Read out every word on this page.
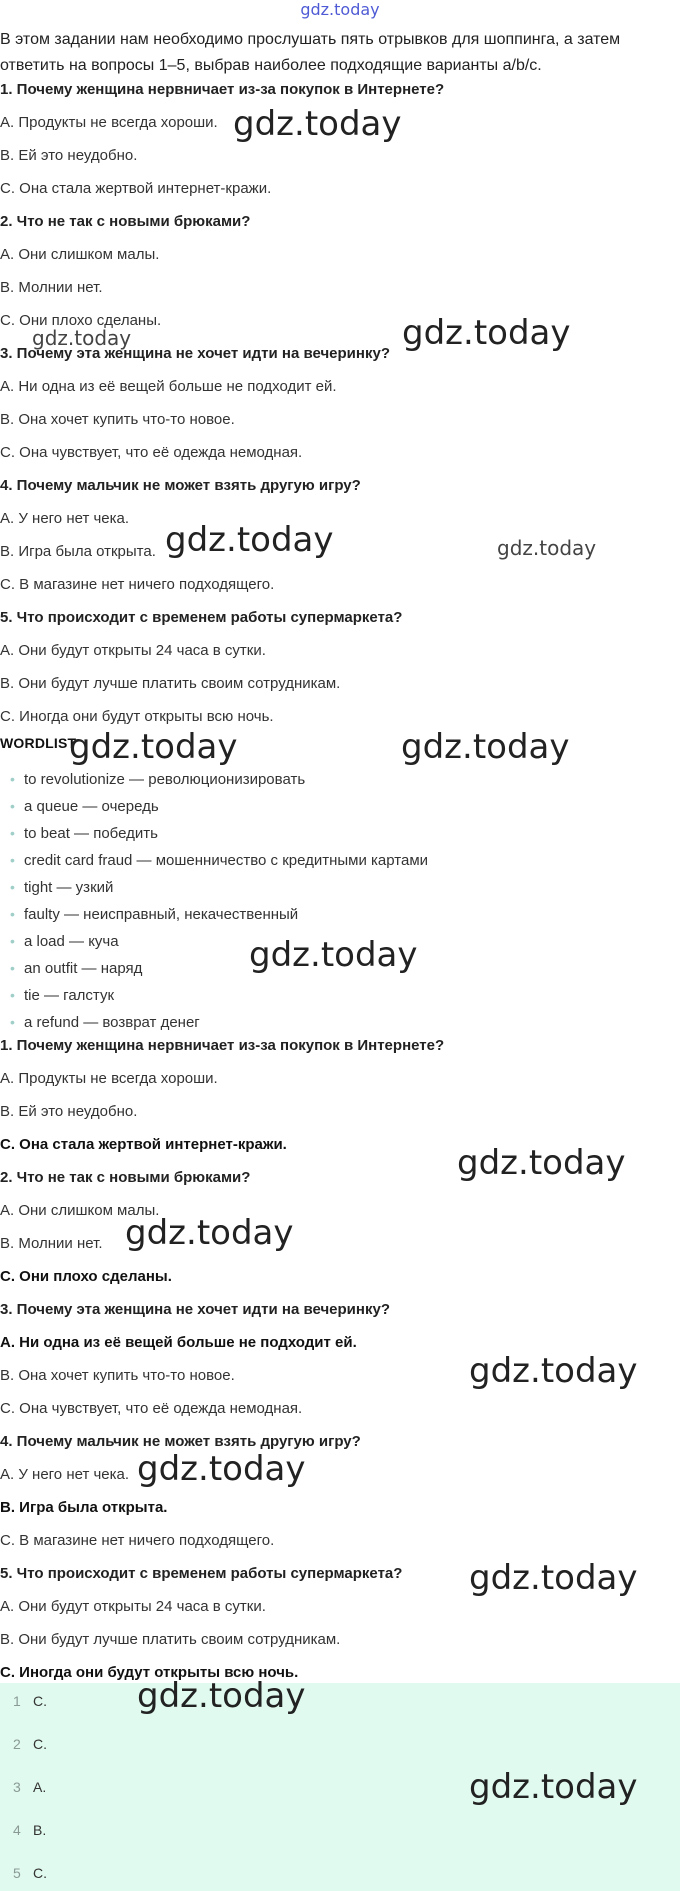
gdz.today
В этом задании нам необходимо прослушать пять отрывков для шоппинга, а затем ответить на вопросы 1–5, выбрав наиболее подходящие варианты a/b/c.
1. Почему женщина нервничает из-за покупок в Интернете?
A. Продукты не всегда хороши.
B. Ей это неудобно.
C. Она стала жертвой интернет-кражи.
2. Что не так с новыми брюками?
A. Они слишком малы.
B. Молнии нет.
C. Они плохо сделаны.
3. Почему эта женщина не хочет идти на вечеринку?
A. Ни одна из её вещей больше не подходит ей.
B. Она хочет купить что-то новое.
C. Она чувствует, что её одежда немодная.
4. Почему мальчик не может взять другую игру?
A. У него нет чека.
B. Игра была открыта.
C. В магазине нет ничего подходящего.
5. Что происходит с временем работы супермаркета?
A. Они будут открыты 24 часа в сутки.
B. Они будут лучше платить своим сотрудникам.
C. Иногда они будут открыты всю ночь.
WORDLIST
• to revolutionize — революционизировать
• a queue — очередь
• to beat — победить
• credit card fraud — мошенничество с кредитными картами
• tight — узкий
• faulty — неисправный, некачественный
• a load — куча
• an outfit — наряд
• tie — галстук
• a refund — возврат денег
1. Почему женщина нервничает из-за покупок в Интернете?
A. Продукты не всегда хороши.
B. Ей это неудобно.
C. Она стала жертвой интернет-кражи.
2. Что не так с новыми брюками?
A. Они слишком малы.
B. Молнии нет.
C. Они плохо сделаны.
3. Почему эта женщина не хочет идти на вечеринку?
A. Ни одна из её вещей больше не подходит ей.
B. Она хочет купить что-то новое.
C. Она чувствует, что её одежда немодная.
4. Почему мальчик не может взять другую игру?
A. У него нет чека.
B. Игра была открыта.
C. В магазине нет ничего подходящего.
5. Что происходит с временем работы супермаркета?
A. Они будут открыты 24 часа в сутки.
B. Они будут лучше платить своим сотрудникам.
C. Иногда они будут открыты всю ночь.
1 C.
2 C.
3 A.
4 B.
5 C.
gdz.today
gdz.today
gdz.today
gdz.today	gdz.today
gdz.today	gdz.today
gdz.today
gdz.today
gdz.today
gdz.today
gdz.today
gdz.today
gdz.today
gdz.today
